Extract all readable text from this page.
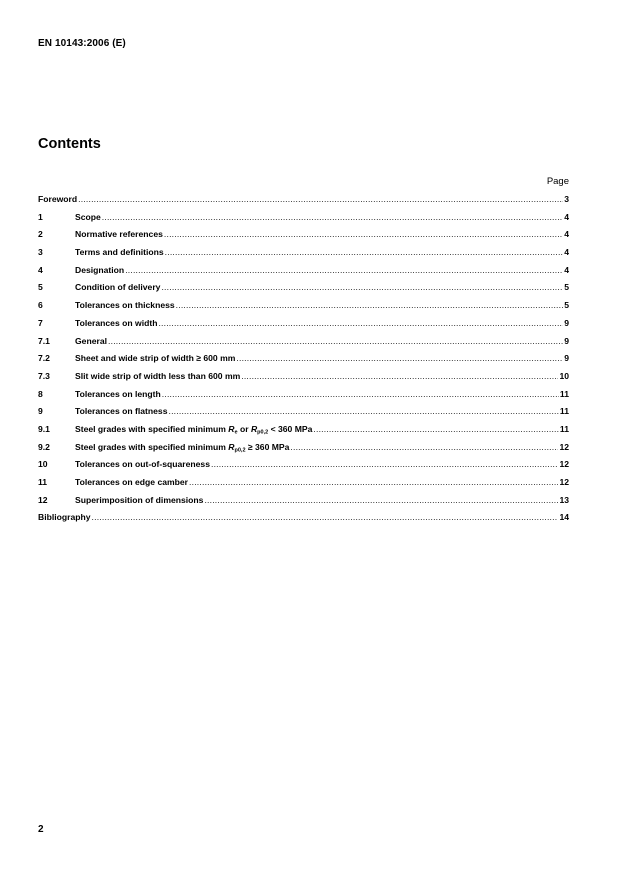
EN 10143:2006 (E)
Contents
Page
Foreword .....	3
1	Scope .....	4
2	Normative references .....	4
3	Terms and definitions .....	4
4	Designation .....	4
5	Condition of delivery .....	5
6	Tolerances on thickness .....	5
7	Tolerances on width .....	9
7.1	General .....	9
7.2	Sheet and wide strip of width ≥ 600 mm .....	9
7.3	Slit wide strip of width less than 600 mm .....	10
8	Tolerances on length .....	11
9	Tolerances on flatness .....	11
9.1	Steel grades with specified minimum $R_e$ or $R_{p0,2} < 360$ MPa .....	11
9.2	Steel grades with specified minimum $R_{p0,2} \ge 360$ MPa .....	12
10	Tolerances on out-of-squareness .....	12
11	Tolerances on edge camber .....	12
12	Superimposition of dimensions .....	13
Bibliography .....	14
2
